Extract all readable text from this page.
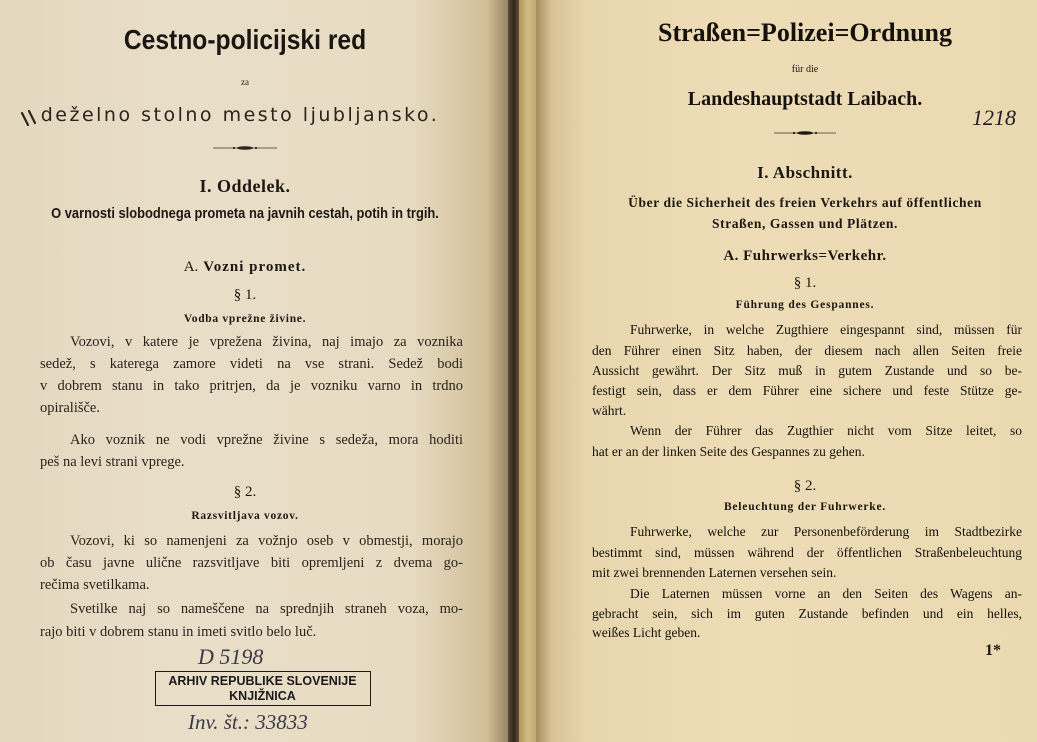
Cestno-policijski red
za
deželno stolno mesto ljubljansko.
I. Oddelek.
O varnosti slobodnega prometa na javnih cestah, potih in trgih.
A. Vozni promet.
§ 1.
Vodba vprežne živine.
Vozovi, v katere je vprežena živina, naj imajo za voznika
sedež, s katerega zamore videti na vse strani. Sedež bodi
v dobrem stanu in tako pritrjen, da je vozniku varno in trdno
opirališče.
Ako voznik ne vodi vprežne živine s sedeža, mora hoditi
peš na levi strani vprege.
§ 2.
Razsvitljava vozov.
Vozovi, ki so namenjeni za vožnjo oseb v obmestji, morajo
ob času javne ulične razsvitljave biti opremljeni z dvema go-
rečima svetilkama.
Svetilke naj so nameščene na sprednjih straneh voza, mo-
rajo biti v dobrem stanu in imeti svitlo belo luč.
D 5198
ARHIV REPUBLIKE SLOVENIJE
KNJIŽNICA
Inv. št.: 33833
Straßen=Polizei=Ordnung
für die
Landeshauptstadt Laibach.
1218
I. Abschnitt.
Über die Sicherheit des freien Verkehrs auf öffentlichen
Straßen, Gassen und Plätzen.
A. Fuhrwerks=Verkehr.
§ 1.
Führung des Gespannes.
Fuhrwerke, in welche Zugthiere eingespannt sind, müssen für
den Führer einen Sitz haben, der diesem nach allen Seiten freie
Aussicht gewährt. Der Sitz muß in gutem Zustande und so be-
festigt sein, dass er dem Führer eine sichere und feste Stütze ge-
währt.
Wenn der Führer das Zugthier nicht vom Sitze leitet, so
hat er an der linken Seite des Gespannes zu gehen.
§ 2.
Beleuchtung der Fuhrwerke.
Fuhrwerke, welche zur Personenbeförderung im Stadtbezirke
bestimmt sind, müssen während der öffentlichen Straßenbeleuchtung
mit zwei brennenden Laternen versehen sein.
Die Laternen müssen vorne an den Seiten des Wagens an-
gebracht sein, sich im guten Zustande befinden und ein helles,
weißes Licht geben.
1*
